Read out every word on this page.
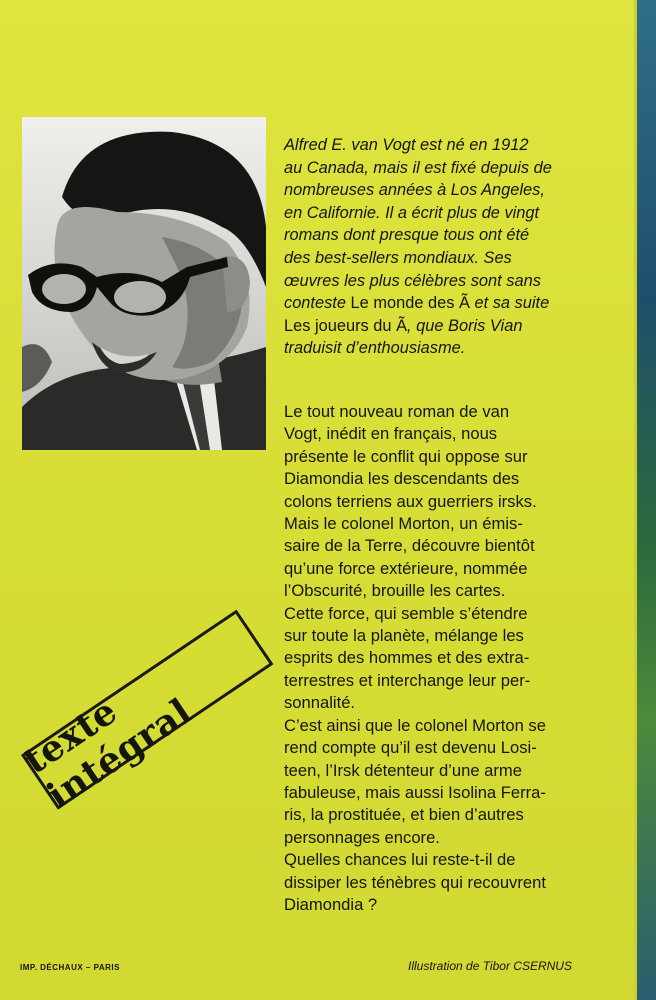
Alfred E. van Vogt est né en 1912
au Canada, mais il est fixé depuis de
nombreuses années à Los Angeles,
en Californie. Il a écrit plus de vingt
romans dont presque tous ont été
des best-sellers mondiaux. Ses
œuvres les plus célèbres sont sans
conteste Le monde des Ã et sa suite
Les joueurs du Ã, que Boris Vian
traduisit d’enthousiasme.

Le tout nouveau roman de van
Vogt, inédit en français, nous
présente le conflit qui oppose sur
Diamondia les descendants des
colons terriens aux guerriers irsks.
Mais le colonel Morton, un émis-
saire de la Terre, découvre bientôt
qu’une force extérieure, nommée
l’Obscurité, brouille les cartes.

Cette force, qui semble s’étendre
sur toute la planète, mélange les
esprits des hommes et des extra-
terrestres et interchange leur per-
sonnalité.

C’est ainsi que le colonel Morton se
rend compte qu’il est devenu Losi-
teen, l’Irsk détenteur d’une arme
fabuleuse, mais aussi Isolina Ferra-
ris, la prostituée, et bien d’autres
personnages encore.

Quelles chances lui reste-t-il de
dissiper les ténèbres qui recouvrent
Diamondia ?

texte intégral
IMP. DÉCHAUX – PARIS	Illustration de Tibor CSERNUS
